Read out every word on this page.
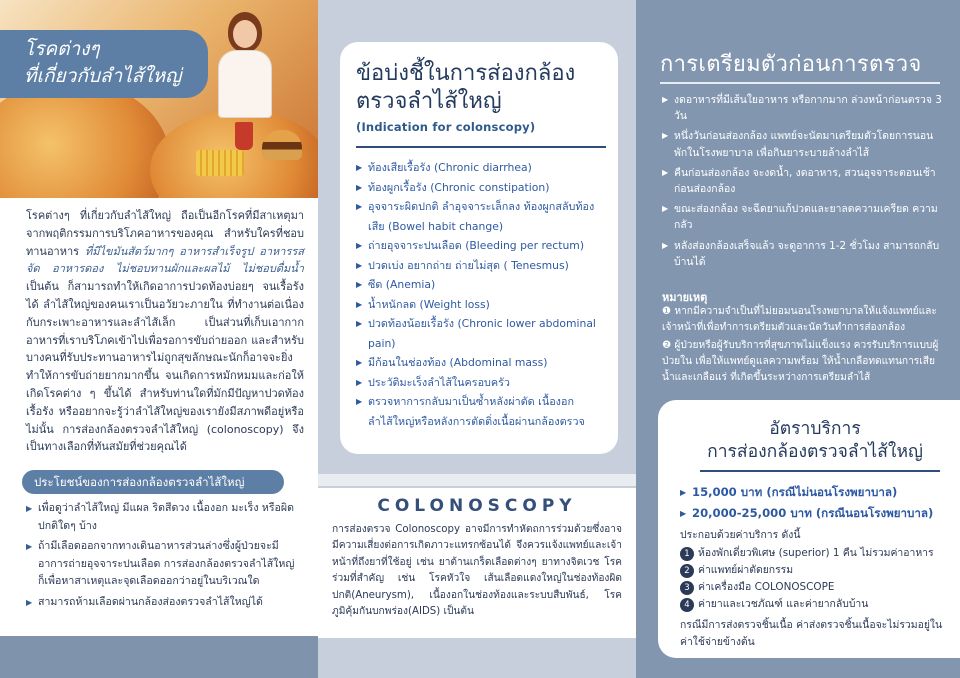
โรคต่างๆ
ที่เกี่ยวกับลำไส้ใหญ่

โรคต่างๆ ที่เกี่ยวกับลำไส้ใหญ่ ถือเป็นอีกโรคที่มีสาเหตุมาจากพฤติกรรมการบริโภคอาหารของคุณ สำหรับใครที่ชอบทานอาหาร ที่มีไขมันสัตว์มากๆ อาหารสำเร็จรูป อาหารรสจัด อาหารดอง ไม่ชอบทานผักและผลไม้ ไม่ชอบดื่มน้ำ เป็นต้น ก็สามารถทำให้เกิดอาการปวดท้องบ่อยๆ จนเรื้อรังได้ ลำไส้ใหญ่ของคนเราเป็นอวัยวะภายใน ที่ทำงานต่อเนื่องกับกระเพาะอาหารและลำไส้เล็ก เป็นส่วนที่เก็บเอากากอาหารที่เราบริโภคเข้าไปเพื่อรอการขับถ่ายออก และสำหรับบางคนที่รับประทานอาหารไม่ถูกสุขลักษณะนักก็อาจจะยิ่งทำให้การขับถ่ายยากมากขึ้น จนเกิดการหมักหมมและก่อให้เกิดโรคต่าง ๆ ขึ้นได้ สำหรับท่านใดที่มักมีปัญหาปวดท้องเรื้อรัง หรืออยากจะรู้ว่าลำไส้ใหญ่ของเรายังมีสภาพดีอยู่หรือไม่นั้น การส่องกล้องตรวจลำไส้ใหญ่ (colonoscopy) จึงเป็นทางเลือกที่ทันสมัยที่ช่วยคุณได้

ประโยชน์ของการส่องกล้องตรวจลำไส้ใหญ่
▶ เพื่อดูว่าลำไส้ใหญ่ มีแผล ริดสีดวง เนื้องอก มะเร็ง หรือผิดปกติใดๆ บ้าง
▶ ถ้ามีเลือดออกจากทางเดินอาหารส่วนล่างซึ่งผู้ป่วยจะมีอาการถ่ายอุจจาระปนเลือด การส่องกล้องตรวจลำไส้ใหญ่ ก็เพื่อหาสาเหตุและจุดเลือดออกว่าอยู่ในบริเวณใด
▶ สามารถห้ามเลือดผ่านกล้องส่องตรวจลำไส้ใหญ่ได้
ข้อบ่งชี้ในการส่องกล้อง
ตรวจลำไส้ใหญ่
(Indication for colonscopy)
▶ ท้องเสียเรื้อรัง (Chronic diarrhea)
▶ ท้องผูกเรื้อรัง (Chronic constipation)
▶ อุจจาระผิดปกติ ลำอุจจาระเล็กลง ท้องผูกสลับท้องเสีย (Bowel habit change)
▶ ถ่ายอุจจาระปนเลือด (Bleeding per rectum)
▶ ปวดเบ่ง อยากถ่าย ถ่ายไม่สุด ( Tenesmus)
▶ ซีด (Anemia)
▶ น้ำหนักลด (Weight loss)
▶ ปวดท้องน้อยเรื้อรัง (Chronic lower abdominal pain)
▶ มีก้อนในช่องท้อง (Abdominal mass)
▶ ประวัติมะเร็งลำไส้ในครอบครัว
▶ ตรวจหาการกลับมาเป็นซ้ำหลังผ่าตัด เนื้องอกลำไส้ใหญ่หรือหลังการตัดติ่งเนื้อผ่านกล้องตรวจ
COLONOSCOPY

การส่องตรวจ Colonoscopy อาจมีการทำหัตถการร่วมด้วยซึ่งอาจมีความเสี่ยงต่อการเกิดภาวะแทรกซ้อนได้ จึงควรแจ้งแพทย์และเจ้าหน้าที่ถึงยาที่ใช้อยู่ เช่น ยาต้านเกร็ดเลือดต่างๆ ยาทางจิตเวช โรคร่วมที่สำคัญ เช่น โรคหัวใจ เส้นเลือดแดงใหญ่ในช่องท้องผิดปกติ(Aneurysm), เนื้องอกในช่องท้องและระบบสืบพันธ์, โรคภูมิคุ้มกันบกพร่อง(AIDS) เป็นต้น

การเตรียมตัวก่อนการตรวจ
▶ งดอาหารที่มีเส้นใยอาหาร หรือกากมาก ล่วงหน้าก่อนตรวจ 3 วัน
▶ หนึ่งวันก่อนส่องกล้อง แพทย์จะนัดมาเตรียมตัวโดยการนอนพักในโรงพยาบาล เพื่อกินยาระบายล้างลำไส้
▶ คืนก่อนส่องกล้อง จะงดน้ำ, งดอาหาร, สวนอุจจาระตอนเช้าก่อนส่องกล้อง
▶ ขณะส่องกล้อง จะฉีดยาแก้ปวดและยาลดความเครียด ความกลัว
▶ หลังส่องกล้องเสร็จแล้ว จะดูอาการ 1-2 ชั่วโมง สามารถกลับบ้านได้
หมายเหตุ
❶ หากมีความจำเป็นที่ไม่ยอมนอนโรงพยาบาลให้แจ้งแพทย์และเจ้าหน้าที่เพื่อทำการเตรียมตัวและนัดวันทำการส่องกล้อง
❷ ผู้ป่วยหรือผู้รับบริการที่สุขภาพไม่แข็งแรง ควรรับบริการแบบผู้ป่วยใน เพื่อให้แพทย์ดูแลความพร้อม ให้น้ำเกลือทดแทนการเสียน้ำและเกลือแร่ ที่เกิดขึ้นระหว่างการเตรียมลำไส้
อัตราบริการ
การส่องกล้องตรวจลำไส้ใหญ่
▶ 15,000 บาท (กรณีไม่นอนโรงพยาบาล)
▶ 20,000-25,000 บาท (กรณีนอนโรงพยาบาล)
ประกอบด้วยค่าบริการ ดังนี้
1 ห้องพักเดี่ยวพิเศษ (superior) 1 คืน ไม่รวมค่าอาหาร
2 ค่าแพทย์ผ่าตัดยกรรม
3 ค่าเครื่องมือ COLONOSCOPE
4 ค่ายาและเวชภัณฑ์ และค่ายากลับบ้าน

กรณีมีการส่งตรวจชิ้นเนื้อ ค่าส่งตรวจชิ้นเนื้อจะไม่รวมอยู่ในค่าใช้จ่ายข้างต้น
